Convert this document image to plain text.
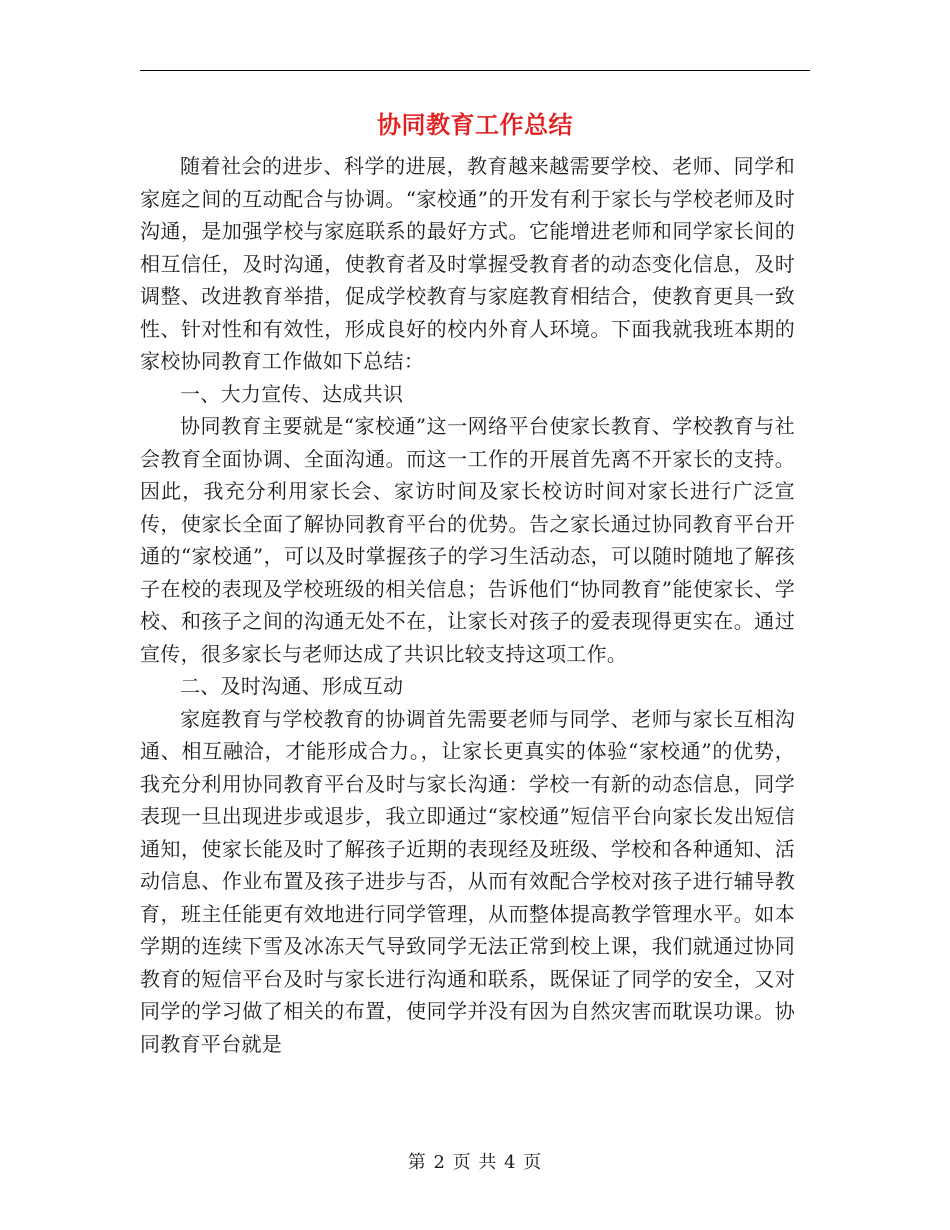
协同教育工作总结

随着社会的进步、科学的进展，教育越来越需要学校、老师、同学和家庭之间的互动配合与协调。“家校通”的开发有利于家长与学校老师及时沟通，是加强学校与家庭联系的最好方式。它能增进老师和同学家长间的相互信任，及时沟通，使教育者及时掌握受教育者的动态变化信息，及时调整、改进教育举措，促成学校教育与家庭教育相结合，使教育更具一致性、针对性和有效性，形成良好的校内外育人环境。下面我就我班本期的家校协同教育工作做如下总结：

一、大力宣传、达成共识

协同教育主要就是“家校通”这一网络平台使家长教育、学校教育与社会教育全面协调、全面沟通。而这一工作的开展首先离不开家长的支持。因此，我充分利用家长会、家访时间及家长校访时间对家长进行广泛宣传，使家长全面了解协同教育平台的优势。告之家长通过协同教育平台开通的“家校通”，可以及时掌握孩子的学习生活动态，可以随时随地了解孩子在校的表现及学校班级的相关信息；告诉他们“协同教育”能使家长、学校、和孩子之间的沟通无处不在，让家长对孩子的爱表现得更实在。通过宣传，很多家长与老师达成了共识比较支持这项工作。

二、及时沟通、形成互动

家庭教育与学校教育的协调首先需要老师与同学、老师与家长互相沟通、相互融洽，才能形成合力。，让家长更真实的体验“家校通”的优势，我充分利用协同教育平台及时与家长沟通：学校一有新的动态信息，同学表现一旦出现进步或退步，我立即通过“家校通”短信平台向家长发出短信通知，使家长能及时了解孩子近期的表现经及班级、学校和各种通知、活动信息、作业布置及孩子进步与否，从而有效配合学校对孩子进行辅导教育，班主任能更有效地进行同学管理，从而整体提高教学管理水平。如本学期的连续下雪及冰冻天气导致同学无法正常到校上课，我们就通过协同教育的短信平台及时与家长进行沟通和联系，既保证了同学的安全，又对同学的学习做了相关的布置，使同学并没有因为自然灾害而耽误功课。协同教育平台就是

第 2 页 共 4 页
